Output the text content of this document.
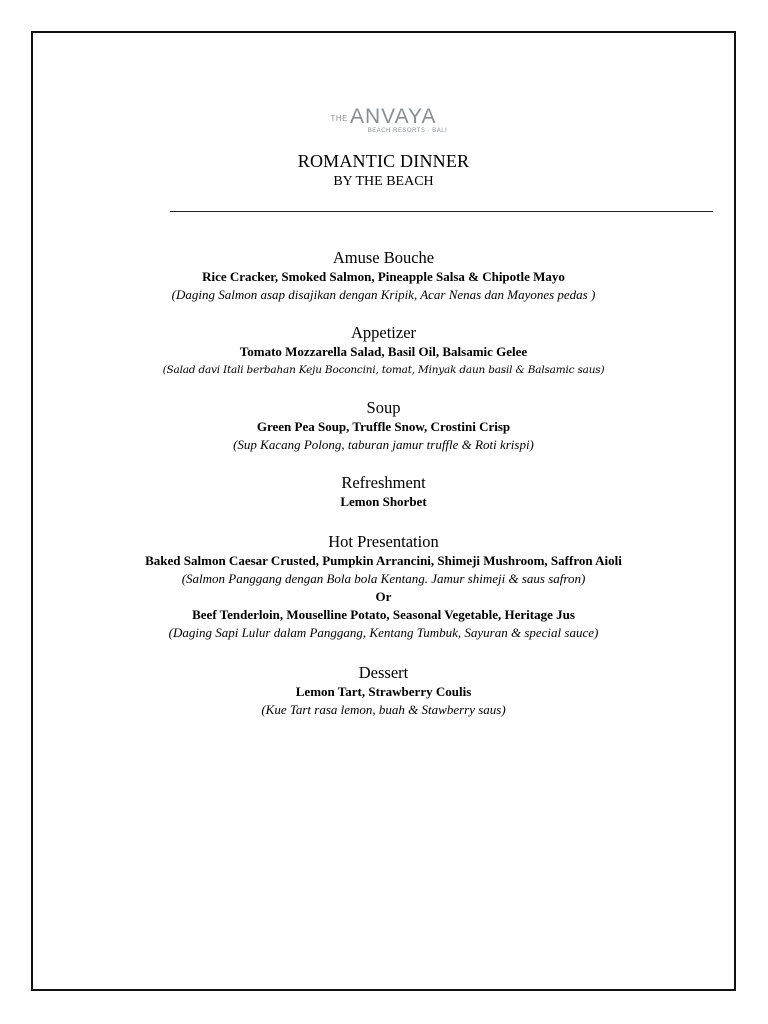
THEANVAYA
BEACH RESORTS · BALI
ROMANTIC DINNER
BY THE BEACH
Amuse Bouche
Rice Cracker, Smoked Salmon, Pineapple Salsa & Chipotle Mayo
(Daging Salmon asap disajikan dengan Kripik, Acar Nenas dan Mayones pedas )
Appetizer
Tomato Mozzarella Salad, Basil Oil, Balsamic Gelee
(Salad davi Itali berbahan Keju Boconcini, tomat, Minyak daun basil & Balsamic saus)
Soup
Green Pea Soup, Truffle Snow, Crostini Crisp
(Sup Kacang Polong, taburan jamur truffle & Roti krispi)
Refreshment
Lemon Shorbet
Hot Presentation
Baked Salmon Caesar Crusted, Pumpkin Arrancini, Shimeji Mushroom, Saffron Aioli
(Salmon Panggang dengan Bola bola Kentang. Jamur shimeji & saus safron)
Or
Beef Tenderloin, Mouselline Potato, Seasonal Vegetable, Heritage Jus
(Daging Sapi Lulur dalam Panggang, Kentang Tumbuk, Sayuran & special sauce)
Dessert
Lemon Tart, Strawberry Coulis
(Kue Tart rasa lemon, buah & Stawberry saus)
